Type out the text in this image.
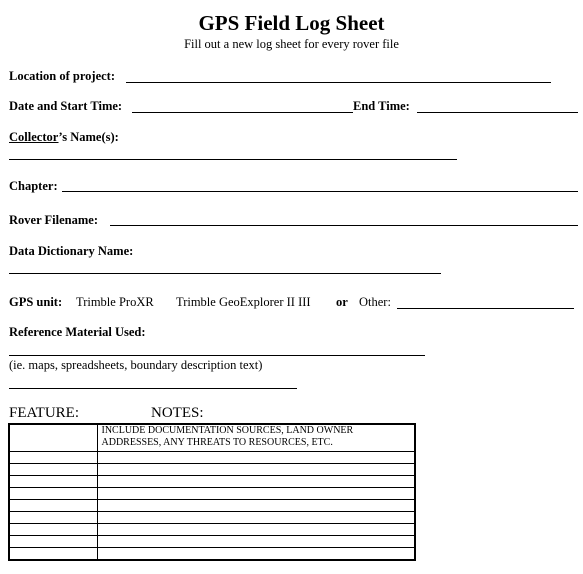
GPS Field Log Sheet
Fill out a new log sheet for every rover file
Location of project:
Date and Start Time:	End Time:
Collector’s Name(s):
Chapter:
Rover Filename:
Data Dictionary Name:
GPS unit: Trimble ProXR Trimble GeoExplorer II III or Other:
Reference Material Used:
(ie. maps, spreadsheets, boundary description text)
FEATURE:	NOTES:
	INCLUDE DOCUMENTATION SOURCES, LAND OWNER ADDRESSES, ANY THREATS TO RESOURCES, ETC.
